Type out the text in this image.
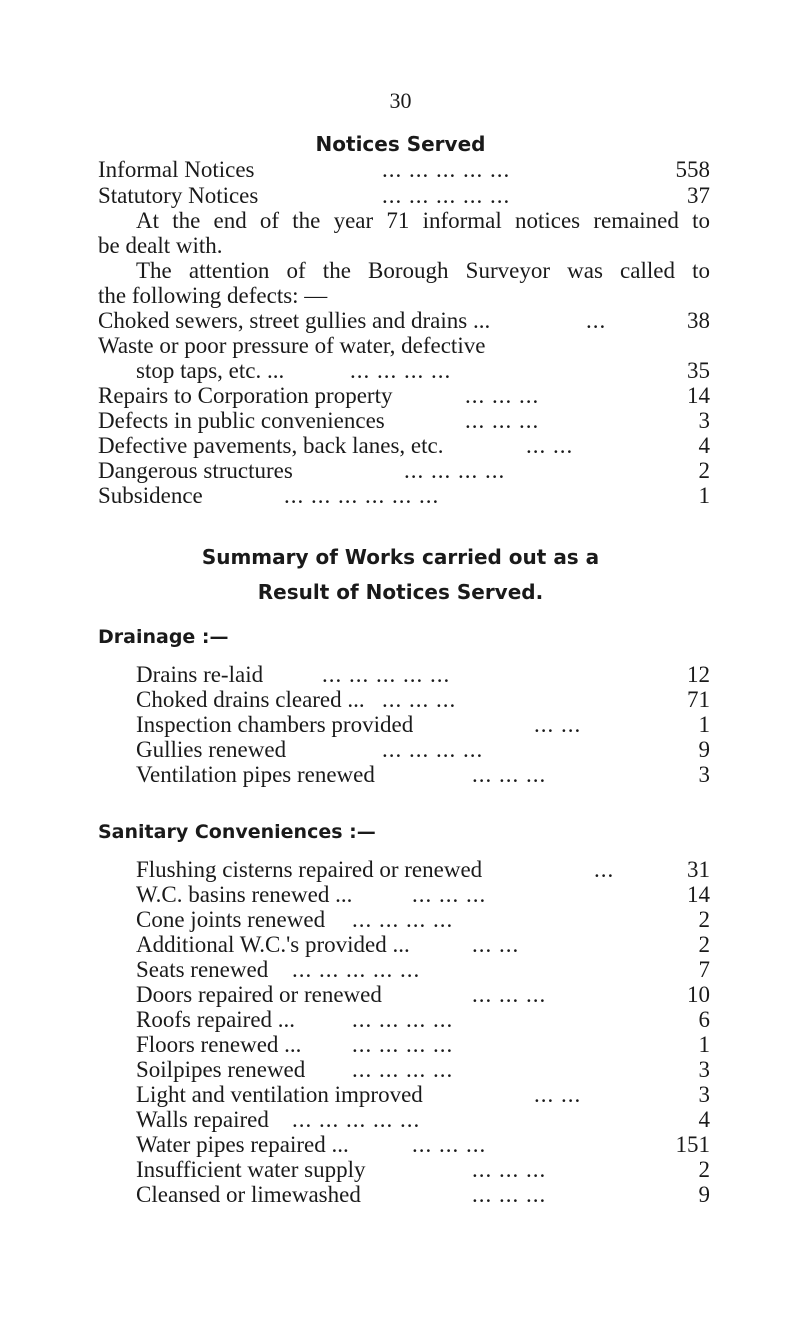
30
Notices Served
Informal Notices	... ... ... ... ...	558
Statutory Notices	... ... ... ... ...	37
At the end of the year 71 informal notices remained to
be dealt with.
The attention of the Borough Surveyor was called to
the following defects: —
Choked sewers, street gullies and drains ...	...	38
Waste or poor pressure of water, defective
stop taps, etc. ...	... ... ... ...	35
Repairs to Corporation property	... ... ...	14
Defects in public conveniences	... ... ...	3
Defective pavements, back lanes, etc.	... ...	4
Dangerous structures	... ... ... ...	2
Subsidence	... ... ... ... ... ...	1
Summary of Works carried out as a
Result of Notices Served.
Drainage :—
Drains re-laid	... ... ... ... ...	12
Choked drains cleared ... ... ... ...	71
Inspection chambers provided	... ...	1
Gullies renewed	... ... ... ...	9
Ventilation pipes renewed	... ... ...	3
Sanitary Conveniences :—
Flushing cisterns repaired or renewed	...	31
W.C. basins renewed ...	... ... ...	14
Cone joints renewed ... ... ... ...	2
Additional W.C.'s provided ...	... ...	2
Seats renewed ... ... ... ... ...	7
Doors repaired or renewed	... ... ...	10
Roofs repaired ... ... ... ... ...	6
Floors renewed ... ... ... ... ...	1
Soilpipes renewed ... ... ... ...	3
Light and ventilation improved	... ...	3
Walls repaired ... ... ... ... ...	4
Water pipes repaired ...	... ... ...	151
Insufficient water supply	... ... ...	2
Cleansed or limewashed	... ... ...	9
